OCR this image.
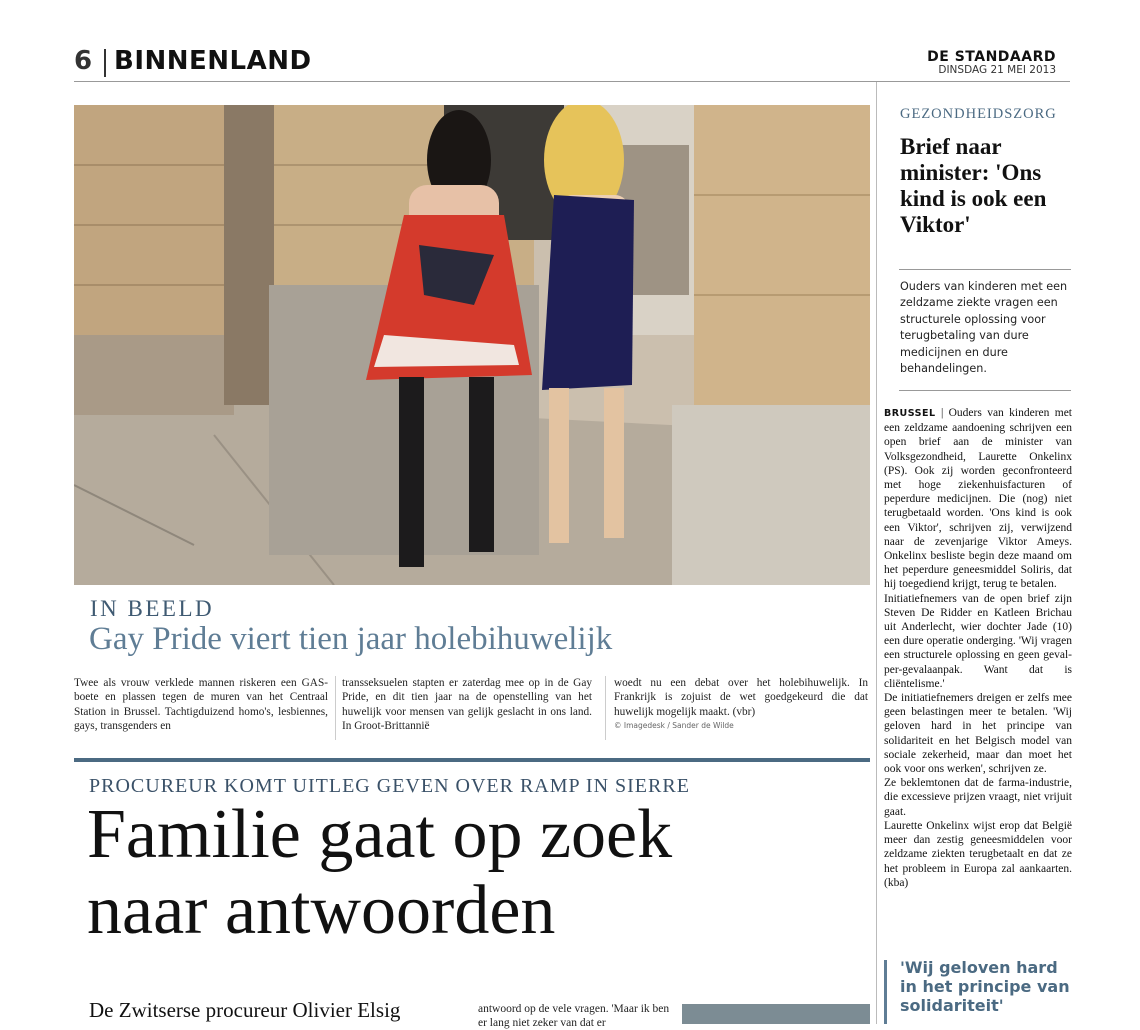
6 BINNENLAND	DE STANDAARD
DINSDAG 21 MEI 2013
IN BEELD
Gay Pride viert tien jaar holebihuwelijk
Twee als vrouw verklede mannen riskeren een GAS-boete en plassen tegen de muren van het Centraal Station in Brussel. Tachtigduizend homo's, lesbiennes, gays, transgenders en
transseksuelen stapten er zaterdag mee op in de Gay Pride, en dit tien jaar na de openstelling van het huwelijk voor mensen van gelijk geslacht in ons land. In Groot-Brittannië
woedt nu een debat over het holebihuwelijk. In Frankrijk is zojuist de wet goedgekeurd die dat huwelijk mogelijk maakt. (vbr)
© Imagedesk / Sander de Wilde
PROCUREUR KOMT UITLEG GEVEN OVER RAMP IN SIERRE
Familie gaat op zoek
naar antwoorden
De Zwitserse procureur Olivier Elsig	antwoord op de vele vragen. 'Maar ik ben er lang niet zeker van dat er
GEZONDHEIDSZORG
Brief naar minister: 'Ons kind is ook een Viktor'
Ouders van kinderen met een zeldzame ziekte vragen een structurele oplossing voor terugbetaling van dure medicijnen en dure behandelingen.
BRUSSEL | Ouders van kinderen met een zeldzame aandoening schrijven een open brief aan de minister van Volksgezondheid, Laurette Onkelinx (PS). Ook zij worden geconfronteerd met hoge ziekenhuisfacturen of peperdure medicijnen. Die (nog) niet terugbetaald worden. 'Ons kind is ook een Viktor', schrijven zij, verwijzend naar de zevenjarige Viktor Ameys. Onkelinx besliste begin deze maand om het peperdure geneesmiddel Soliris, dat hij toegediend krijgt, terug te betalen.
Initiatiefnemers van de open brief zijn Steven De Ridder en Katleen Brichau uit Anderlecht, wier dochter Jade (10) een dure operatie onderging. 'Wij vragen een structurele oplossing en geen geval-per-gevalaanpak. Want dat is cliëntelisme.'
De initiatiefnemers dreigen er zelfs mee geen belastingen meer te betalen. 'Wij geloven hard in het principe van solidariteit en het Belgisch model van sociale zekerheid, maar dan moet het ook voor ons werken', schrijven ze.
Ze beklemtonen dat de farma-industrie, die excessieve prijzen vraagt, niet vrijuit gaat.
Laurette Onkelinx wijst erop dat België meer dan zestig geneesmiddelen voor zeldzame ziekten terugbetaalt en dat ze het probleem in Europa zal aankaarten. (kba)
'Wij geloven hard in het principe van solidariteit'
